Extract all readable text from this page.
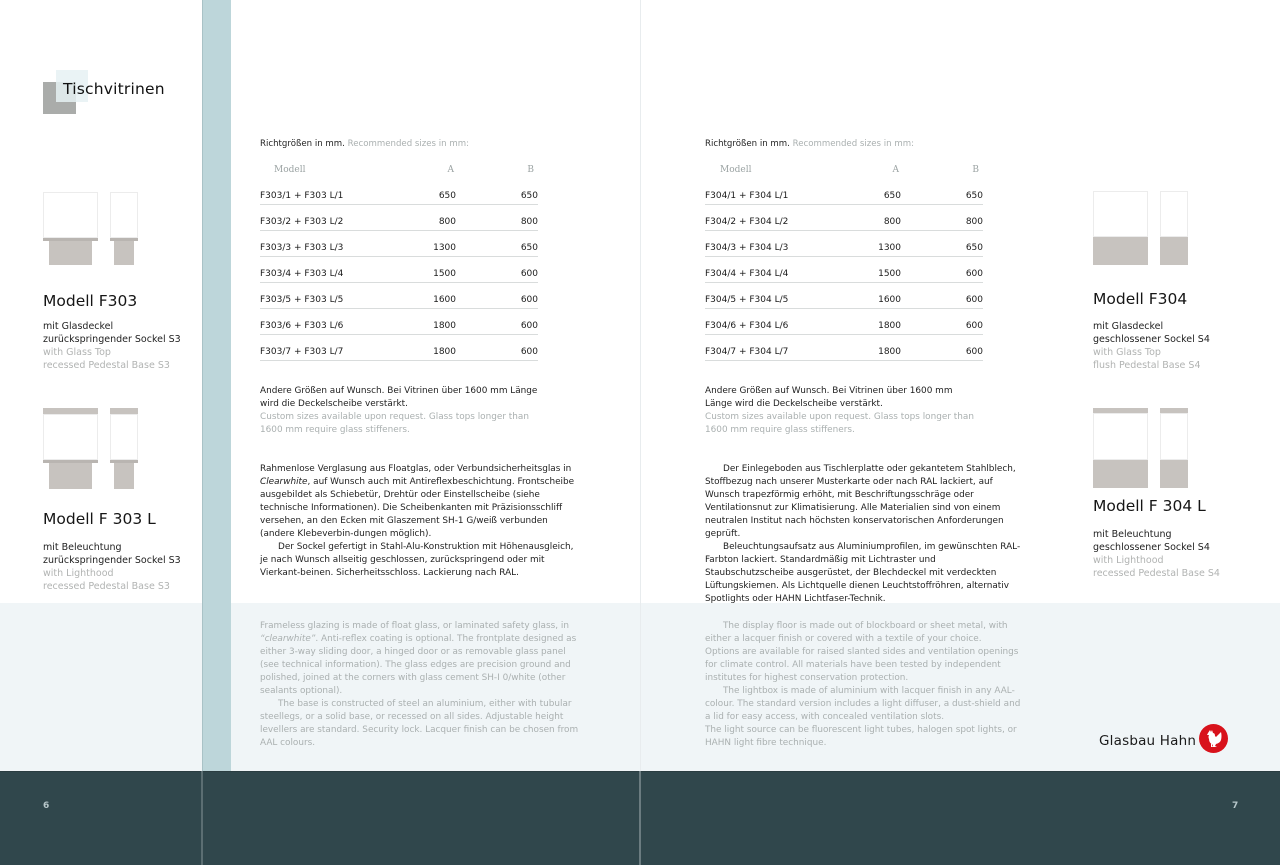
6	7
Tischvitrinen
Modell F303
mit Glasdeckel
zurückspringender Sockel S3
with Glass Top
recessed Pedestal Base S3
Modell F 303 L
mit Beleuchtung
zurückspringender Sockel S3
with Lighthood
recessed Pedestal Base S3
Richtgrößen in mm. Recommended sizes in mm:
Modell	A	B
F303/1 + F303 L/1	650	650
F303/2 + F303 L/2	800	800
F303/3 + F303 L/3	1300	650
F303/4 + F303 L/4	1500	600
F303/5 + F303 L/5	1600	600
F303/6 + F303 L/6	1800	600
F303/7 + F303 L/7	1800	600

Andere Größen auf Wunsch. Bei Vitrinen über 1600 mm Länge wird die Deckelscheibe verstärkt.

Custom sizes available upon request. Glass tops longer than 1600 mm require glass stiffeners.

Rahmenlose Verglasung aus Floatglas, oder Verbundsicherheitsglas in Clearwhite, auf Wunsch auch mit Antireflexbeschichtung. Frontscheibe ausgebildet als Schiebetür, Drehtür oder Einstellscheibe (siehe technische Informationen). Die Scheibenkanten mit Präzisionsschliff versehen, an den Ecken mit Glaszement SH-1 G/weiß verbunden (andere Klebeverbin-dungen möglich).

Der Sockel gefertigt in Stahl-Alu-Konstruktion mit Höhenausgleich, je nach Wunsch allseitig geschlossen, zurückspringend oder mit Vierkant-beinen. Sicherheitsschloss. Lackierung nach RAL.

Frameless glazing is made of float glass, or laminated safety glass, in “clearwhite”. Anti-reflex coating is optional. The frontplate designed as either 3-way sliding door, a hinged door or as removable glass panel (see technical information). The glass edges are precision ground and polished, joined at the corners with glass cement SH-I 0/white (other sealants optional).

The base is constructed of steel an aluminium, either with tubular steellegs, or a solid base, or recessed on all sides. Adjustable height levellers are standard. Security lock. Lacquer finish can be chosen from AAL colours.

Richtgrößen in mm. Recommended sizes in mm:
Modell	A	B
F304/1 + F304 L/1	650	650
F304/2 + F304 L/2	800	800
F304/3 + F304 L/3	1300	650
F304/4 + F304 L/4	1500	600
F304/5 + F304 L/5	1600	600
F304/6 + F304 L/6	1800	600
F304/7 + F304 L/7	1800	600

Andere Größen auf Wunsch. Bei Vitrinen über 1600 mm Länge wird die Deckelscheibe verstärkt.

Custom sizes available upon request. Glass tops longer than 1600 mm require glass stiffeners.

Der Einlegeboden aus Tischlerplatte oder gekantetem Stahlblech, Stoffbezug nach unserer Musterkarte oder nach RAL lackiert, auf Wunsch trapezförmig erhöht, mit Beschriftungsschräge oder Ventilationsnut zur Klimatisierung. Alle Materialien sind von einem neutralen Institut nach höchsten konservatorischen Anforderungen geprüft.

Beleuchtungsaufsatz aus Aluminiumprofilen, im gewünschten RAL-Farbton lackiert. Standardmäßig mit Lichtraster und Staubschutzscheibe ausgerüstet, der Blechdeckel mit verdeckten Lüftungskiemen. Als Lichtquelle dienen Leuchtstoffröhren, alternativ Spotlights oder HAHN Lichtfaser-Technik.

The display floor is made out of blockboard or sheet metal, with either a lacquer finish or covered with a textile of your choice.

Options are available for raised slanted sides and ventilation openings for climate control. All materials have been tested by independent institutes for highest conservation protection.

The lightbox is made of aluminium with lacquer finish in any AAL-colour. The standard version includes a light diffuser, a dust-shield and a lid for easy access, with concealed ventilation slots.

The light source can be fluorescent light tubes, halogen spot lights, or HAHN light fibre technique.

Modell F304
mit Glasdeckel
geschlossener Sockel S4
with Glass Top
flush Pedestal Base S4
Modell F 304 L
mit Beleuchtung
geschlossener Sockel S4
with Lighthood
recessed Pedestal Base S4
Glasbau Hahn
